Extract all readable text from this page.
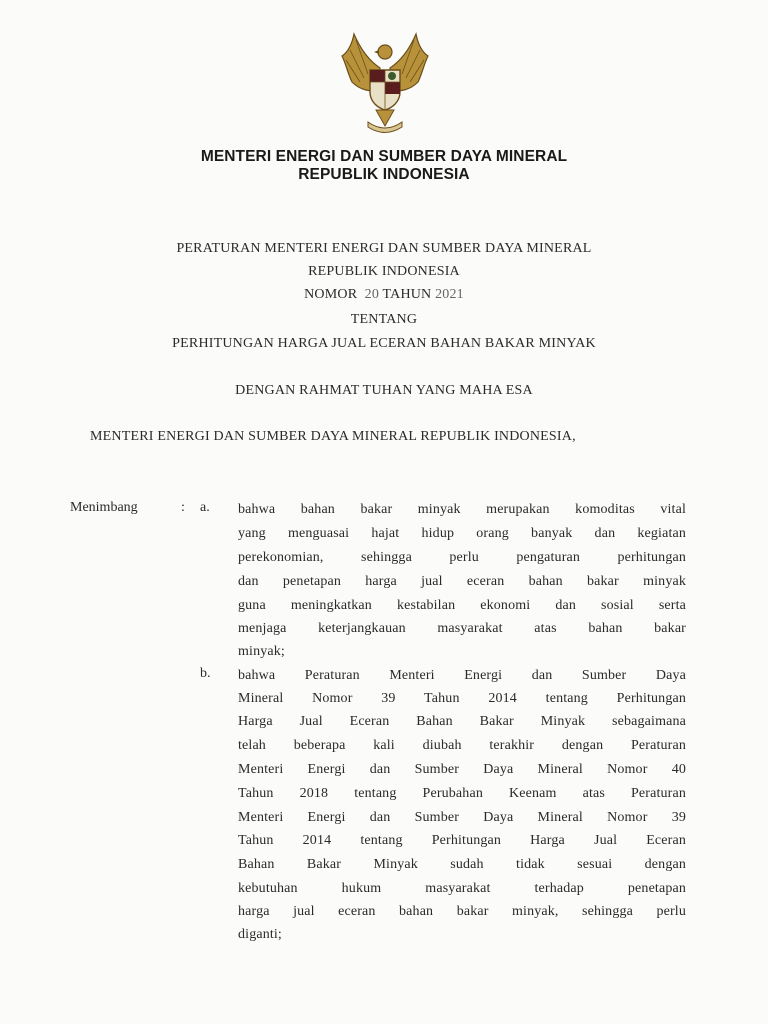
MENTERI ENERGI DAN SUMBER DAYA MINERAL
REPUBLIK INDONESIA
PERATURAN MENTERI ENERGI DAN SUMBER DAYA MINERAL
REPUBLIK INDONESIA
NOMOR 20 TAHUN 2021
TENTANG
PERHITUNGAN HARGA JUAL ECERAN BAHAN BAKAR MINYAK
DENGAN RAHMAT TUHAN YANG MAHA ESA
MENTERI ENERGI DAN SUMBER DAYA MINERAL REPUBLIK INDONESIA,
Menimbang	: a. bahwa bahan bakar minyak merupakan komoditas vital
yang menguasai hajat hidup orang banyak dan kegiatan
perekonomian, sehingga perlu pengaturan perhitungan
dan penetapan harga jual eceran bahan bakar minyak
guna meningkatkan kestabilan ekonomi dan sosial serta
menjaga keterjangkauan masyarakat atas bahan bakar
minyak;
b. bahwa Peraturan Menteri Energi dan Sumber Daya
Mineral Nomor 39 Tahun 2014 tentang Perhitungan
Harga Jual Eceran Bahan Bakar Minyak sebagaimana
telah beberapa kali diubah terakhir dengan Peraturan
Menteri Energi dan Sumber Daya Mineral Nomor 40
Tahun 2018 tentang Perubahan Keenam atas Peraturan
Menteri Energi dan Sumber Daya Mineral Nomor 39
Tahun 2014 tentang Perhitungan Harga Jual Eceran
Bahan Bakar Minyak sudah tidak sesuai dengan
kebutuhan hukum masyarakat terhadap penetapan
harga jual eceran bahan bakar minyak, sehingga perlu
diganti;
